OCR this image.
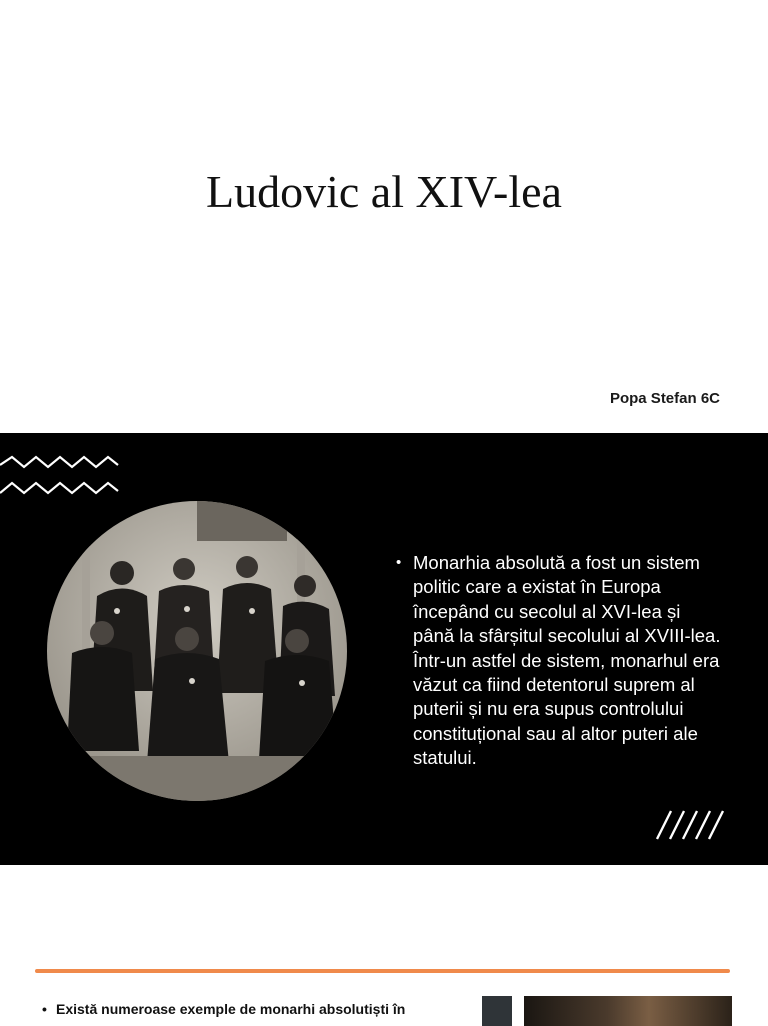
Ludovic al XIV-lea
Popa Stefan 6C
• Monarhia absolută a fost un sistem politic care a existat în Europa începând cu secolul al XVI-lea și până la sfârșitul secolului al XVIII-lea. Într-un astfel de sistem, monarhul era văzut ca fiind detentorul suprem al puterii și nu era supus controlului constituțional sau al altor puteri ale statului.
• Există numeroase exemple de monarhi absolutiști în
